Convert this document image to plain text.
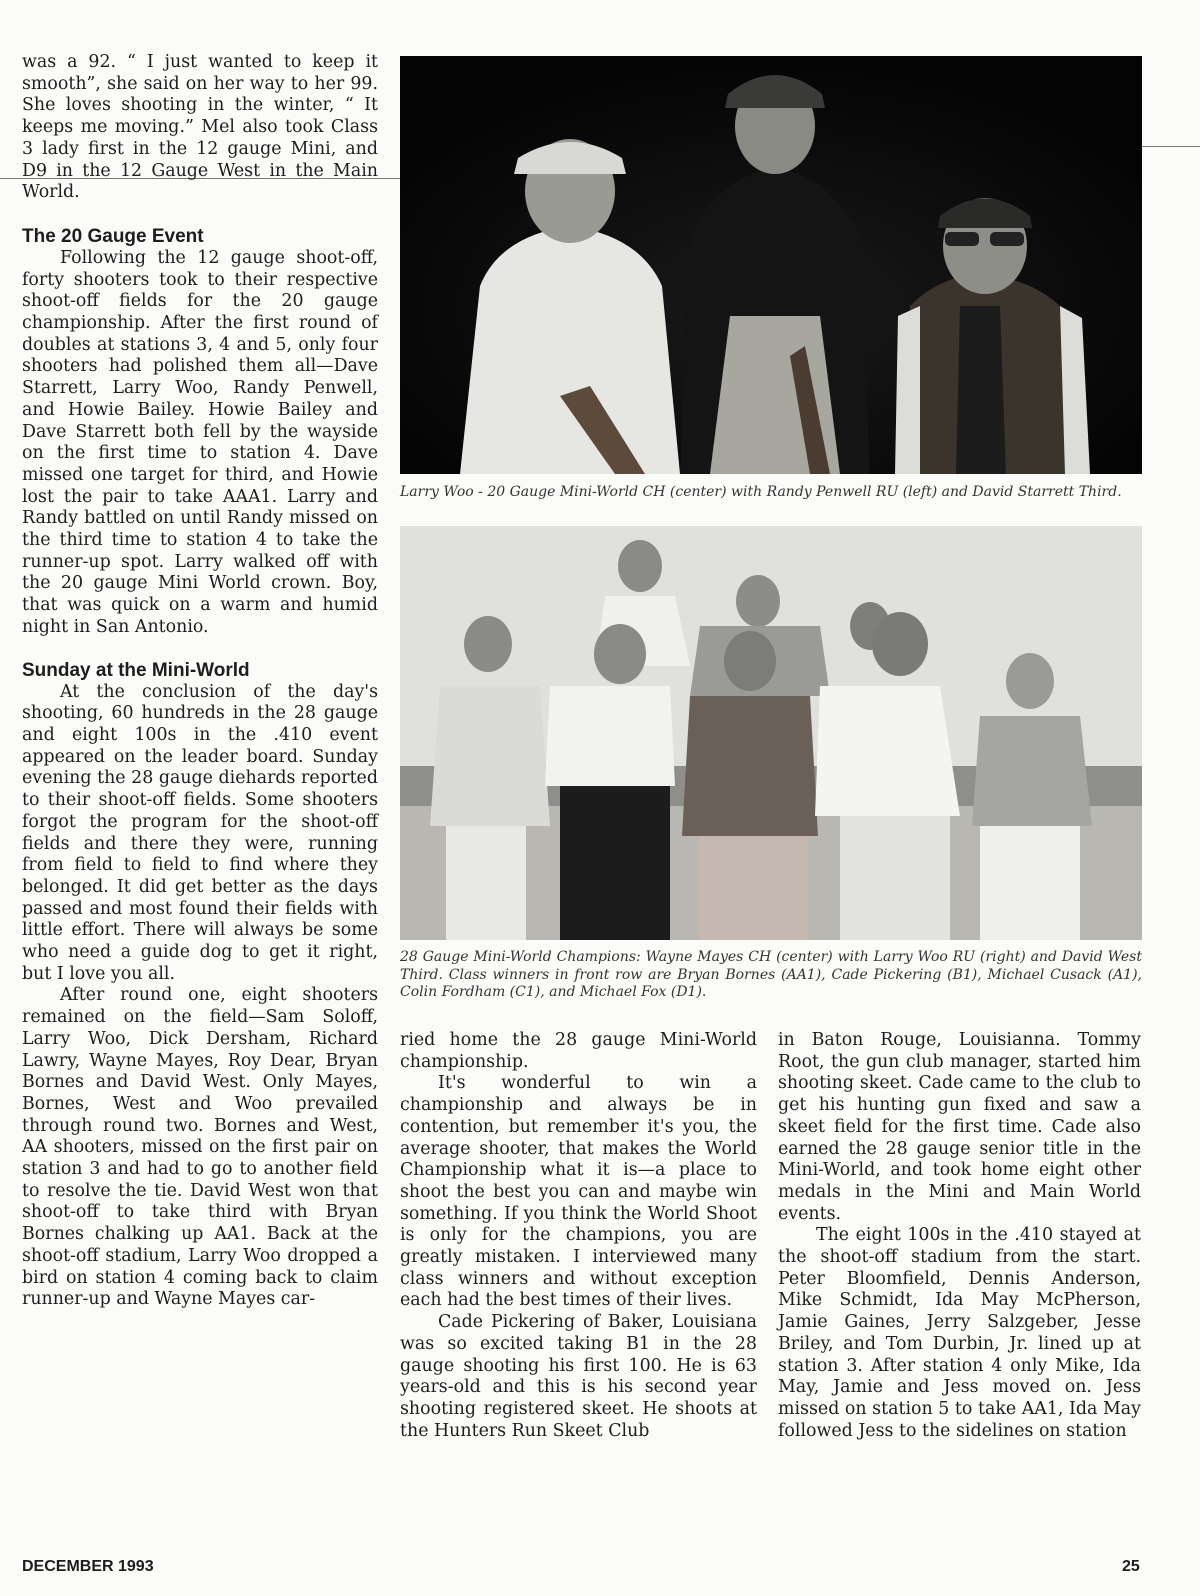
was a 92. “ I just wanted to keep it smooth”, she said on her way to her 99. She loves shooting in the winter, “ It keeps me moving.” Mel also took Class 3 lady first in the 12 gauge Mini, and D9 in the 12 Gauge West in the Main World.

The 20 Gauge Event

Following the 12 gauge shoot-off, forty shooters took to their respective shoot-off fields for the 20 gauge championship. After the first round of doubles at stations 3, 4 and 5, only four shooters had polished them all—Dave Starrett, Larry Woo, Randy Penwell, and Howie Bailey. Howie Bailey and Dave Starrett both fell by the wayside on the first time to station 4. Dave missed one target for third, and Howie lost the pair to take AAA1. Larry and Randy battled on until Randy missed on the third time to station 4 to take the runner-up spot. Larry walked off with the 20 gauge Mini World crown. Boy, that was quick on a warm and humid night in San Antonio.

Sunday at the Mini-World

At the conclusion of the day's shooting, 60 hundreds in the 28 gauge and eight 100s in the .410 event appeared on the leader board. Sunday evening the 28 gauge diehards reported to their shoot-off fields. Some shooters forgot the program for the shoot-off fields and there they were, running from field to field to find where they belonged. It did get better as the days passed and most found their fields with little effort. There will always be some who need a guide dog to get it right, but I love you all.

After round one, eight shooters remained on the field—Sam Soloff, Larry Woo, Dick Dersham, Richard Lawry, Wayne Mayes, Roy Dear, Bryan Bornes and David West. Only Mayes, Bornes, West and Woo prevailed through round two. Bornes and West, AA shooters, missed on the first pair on station 3 and had to go to another field to resolve the tie. David West won that shoot-off to take third with Bryan Bornes chalking up AA1. Back at the shoot-off stadium, Larry Woo dropped a bird on station 4 coming back to claim runner-up and Wayne Mayes car-

Larry Woo - 20 Gauge Mini-World CH (center) with Randy Penwell RU (left) and David Starrett Third.
28 Gauge Mini-World Champions: Wayne Mayes CH (center) with Larry Woo RU (right) and David West Third. Class winners in front row are Bryan Bornes (AA1), Cade Pickering (B1), Michael Cusack (A1), Colin Fordham (C1), and Michael Fox (D1).

ried home the 28 gauge Mini-World championship.

It's wonderful to win a championship and always be in contention, but remember it's you, the average shooter, that makes the World Championship what it is—a place to shoot the best you can and maybe win something. If you think the World Shoot is only for the champions, you are greatly mistaken. I interviewed many class winners and without exception each had the best times of their lives.

Cade Pickering of Baker, Louisiana was so excited taking B1 in the 28 gauge shooting his first 100. He is 63 years-old and this is his second year shooting registered skeet. He shoots at the Hunters Run Skeet Club

in Baton Rouge, Louisianna. Tommy Root, the gun club manager, started him shooting skeet. Cade came to the club to get his hunting gun fixed and saw a skeet field for the first time. Cade also earned the 28 gauge senior title in the Mini-World, and took home eight other medals in the Mini and Main World events.

The eight 100s in the .410 stayed at the shoot-off stadium from the start. Peter Bloomfield, Dennis Anderson, Mike Schmidt, Ida May McPherson, Jamie Gaines, Jerry Salzgeber, Jesse Briley, and Tom Durbin, Jr. lined up at station 3. After station 4 only Mike, Ida May, Jamie and Jess moved on. Jess missed on station 5 to take AA1, Ida May followed Jess to the sidelines on station

DECEMBER 1993	25
